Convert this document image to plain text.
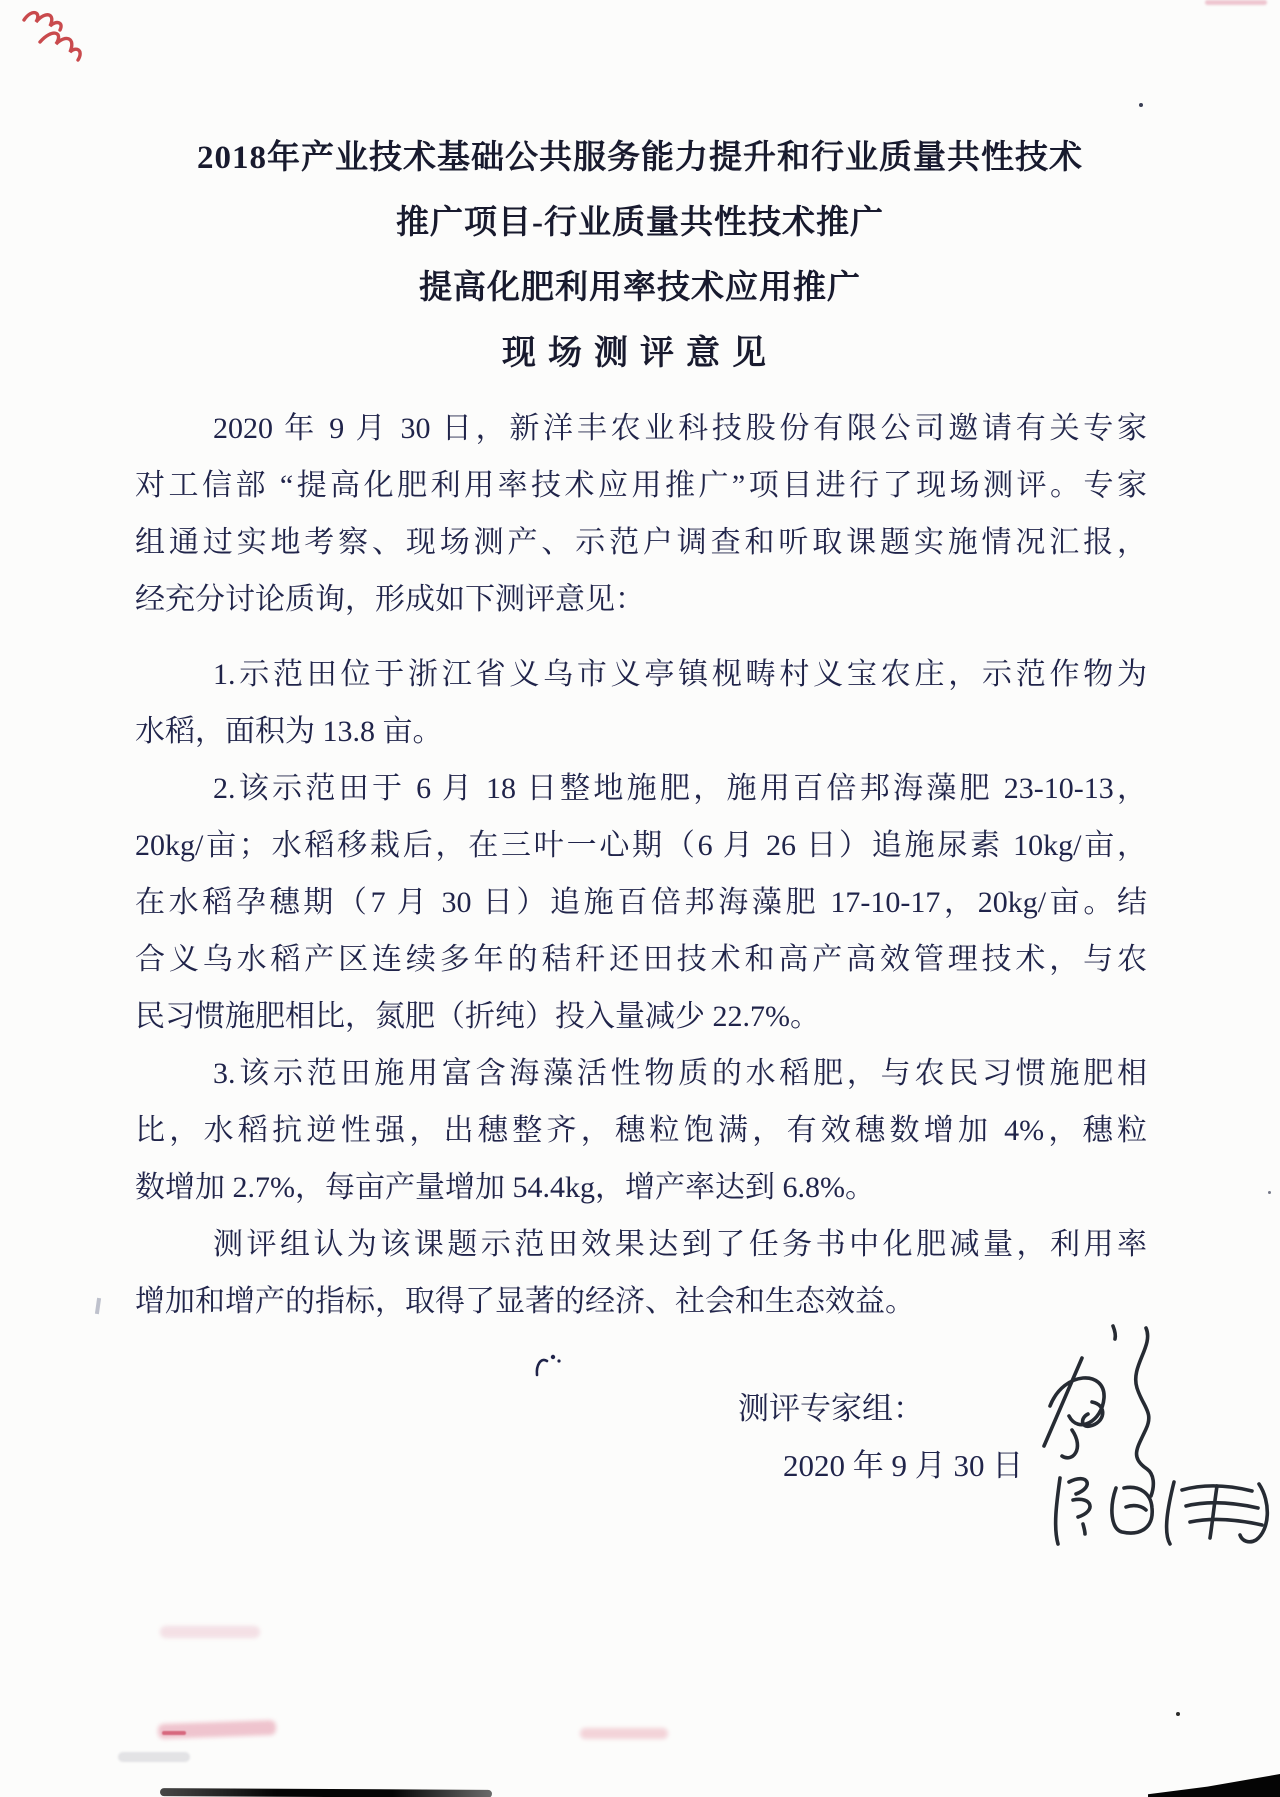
2018年产业技术基础公共服务能力提升和行业质量共性技术
推广项目-行业质量共性技术推广
提高化肥利用率技术应用推广
现场测评意见
2020 年 9 月 30 日，新洋丰农业科技股份有限公司邀请有关专家
对工信部 “提高化肥利用率技术应用推广”项目进行了现场测评。专家
组通过实地考察、现场测产、示范户调查和听取课题实施情况汇报，
经充分讨论质询，形成如下测评意见：
1.示范田位于浙江省义乌市义亭镇枧畴村义宝农庄，示范作物为
水稻，面积为 13.8 亩。
2.该示范田于 6 月 18 日整地施肥，施用百倍邦海藻肥 23-10-13，
20kg/亩；水稻移栽后，在三叶一心期（6 月 26 日）追施尿素 10kg/亩，
在水稻孕穗期（7 月 30 日）追施百倍邦海藻肥 17-10-17，20kg/亩。结
合义乌水稻产区连续多年的秸秆还田技术和高产高效管理技术，与农
民习惯施肥相比，氮肥（折纯）投入量减少 22.7%。
3.该示范田施用富含海藻活性物质的水稻肥，与农民习惯施肥相
比，水稻抗逆性强，出穗整齐，穗粒饱满，有效穗数增加 4%，穗粒
数增加 2.7%，每亩产量增加 54.4kg，增产率达到 6.8%。
测评组认为该课题示范田效果达到了任务书中化肥减量，利用率
增加和增产的指标，取得了显著的经济、社会和生态效益。
测评专家组：
2020 年 9 月 30 日
